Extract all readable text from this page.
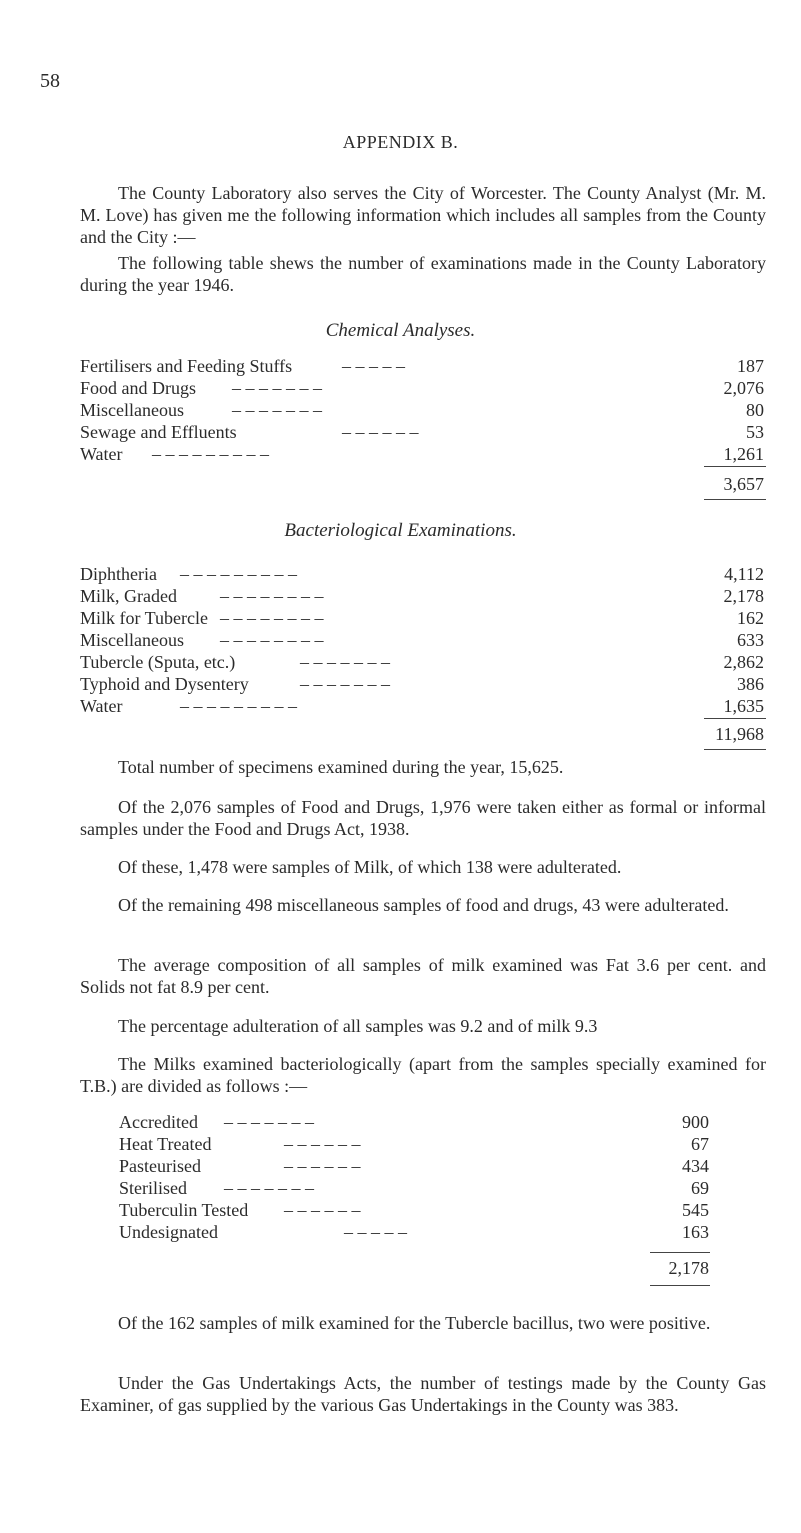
58
APPENDIX B.
The County Laboratory also serves the City of Worcester. The County Analyst (Mr. M. M. Love) has given me the following information which includes all samples from the County and the City :—
The following table shews the number of examinations made in the County Laboratory during the year 1946.
Chemical Analyses.
Fertilisers and Feeding Stuffs	– – – – –	187
Food and Drugs – – – – – – –	2,076
Miscellaneous	– – – – – – –	80
Sewage and Effluents	– – – – – –	53
Water – – – – – – – – –	1,261
3,657
Bacteriological Examinations.
Diphtheria – – – – – – – – –	4,112
Milk, Graded – – – – – – – –	2,178
Milk for Tubercle – – – – – – – –	162
Miscellaneous – – – – – – – –	633
Tubercle (Sputa, etc.)	– – – – – – –	2,862
Typhoid and Dysentery	– – – – – – –	386
Water	– – – – – – – – –	1,635
11,968
Total number of specimens examined during the year, 15,625.
Of the 2,076 samples of Food and Drugs, 1,976 were taken either as formal or informal samples under the Food and Drugs Act, 1938.
Of these, 1,478 were samples of Milk, of which 138 were adulterated.
Of the remaining 498 miscellaneous samples of food and drugs, 43 were adulterated.
The average composition of all samples of milk examined was Fat 3.6 per cent. and Solids not fat 8.9 per cent.
The percentage adulteration of all samples was 9.2 and of milk 9.3
The Milks examined bacteriologically (apart from the samples specially examined for T.B.) are divided as follows :—
Accredited – – – – – – –	900
Heat Treated	– – – – – –	67
Pasteurised	– – – – – –	434
Sterilised – – – – – – –	69
Tuberculin Tested – – – – – –	545
Undesignated	– – – – –	163
2,178
Of the 162 samples of milk examined for the Tubercle bacillus, two were positive.
Under the Gas Undertakings Acts, the number of testings made by the County Gas Examiner, of gas supplied by the various Gas Undertakings in the County was 383.
